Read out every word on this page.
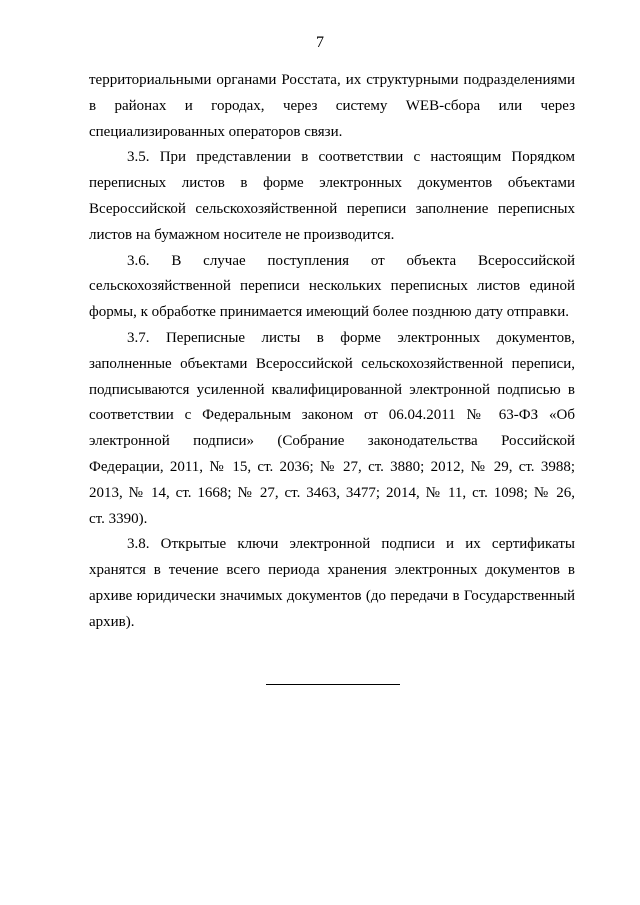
7

территориальными органами Росстата, их структурными подразделениями
в районах и городах, через систему WEB-сбора или через
специализированных операторов связи.

3.5. При представлении в соответствии с настоящим Порядком
переписных листов в форме электронных документов объектами
Всероссийской сельскохозяйственной переписи заполнение переписных
листов на бумажном носителе не производится.

3.6. В случае поступления от объекта Всероссийской
сельскохозяйственной переписи нескольких переписных листов единой
формы, к обработке принимается имеющий более позднюю дату отправки.

3.7. Переписные листы в форме электронных документов,
заполненные объектами Всероссийской сельскохозяйственной переписи,
подписываются усиленной квалифицированной электронной подписью в
соответствии с Федеральным законом от 06.04.2011 № 63-ФЗ «Об
электронной подписи» (Собрание законодательства Российской
Федерации, 2011, № 15, ст. 2036; № 27, ст. 3880; 2012, № 29, ст. 3988;
2013, № 14, ст. 1668; № 27, ст. 3463, 3477; 2014, № 11, ст. 1098; № 26,
ст. 3390).

3.8. Открытые ключи электронной подписи и их сертификаты
хранятся в течение всего периода хранения электронных документов в
архиве юридически значимых документов (до передачи в Государственный
архив).
